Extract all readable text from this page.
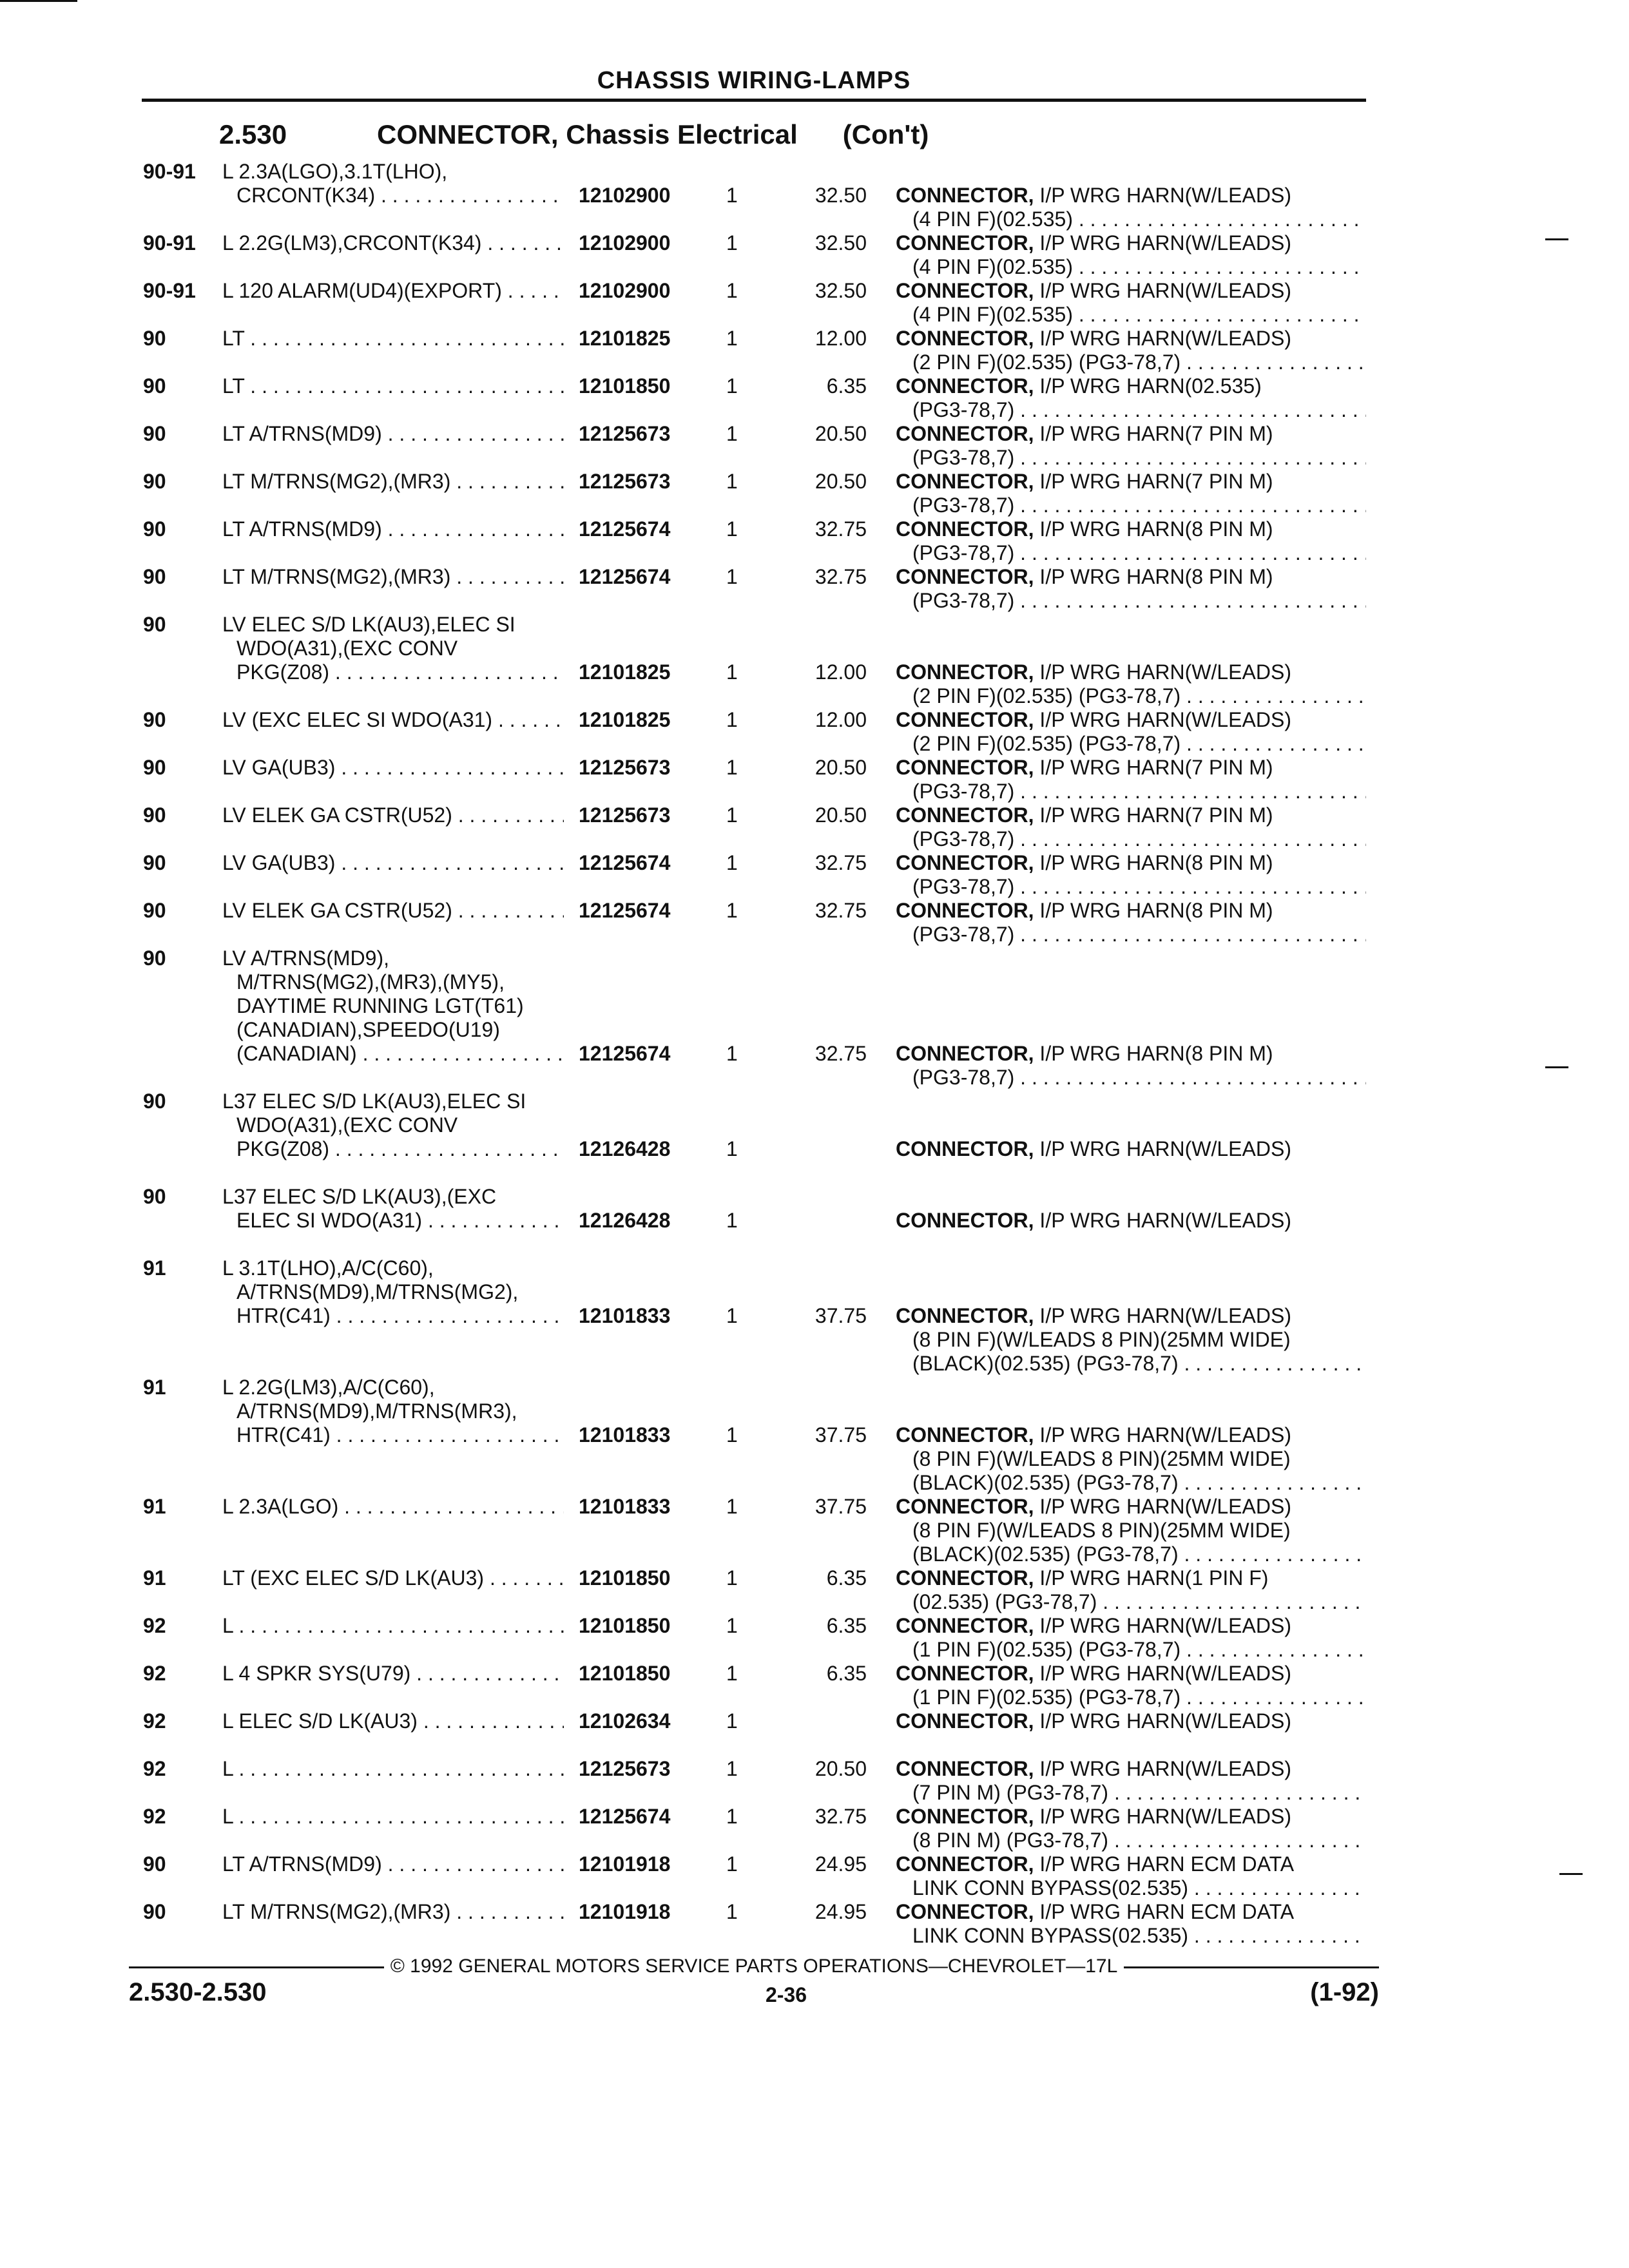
CHASSIS WIRING-LAMPS
2.530	CONNECTOR, Chassis Electrical (Con't)
90-91 L 2.3A(LGO),3.1T(LHO),
CRCONT(K34) . . .	12102900	1	32.50 CONNECTOR, I/P WRG HARN(W/LEADS)
(4 PIN F)(02.535) . . .
90-91 L 2.2G(LM3),CRCONT(K34) . . .	12102900	1	32.50 CONNECTOR, I/P WRG HARN(W/LEADS)
(4 PIN F)(02.535) . . .
90-91 L 120 ALARM(UD4)(EXPORT) . . .	12102900	1	32.50 CONNECTOR, I/P WRG HARN(W/LEADS)
(4 PIN F)(02.535) . . .
90	LT . . .	12101825	1	12.00 CONNECTOR, I/P WRG HARN(W/LEADS)
(2 PIN F)(02.535) (PG3-78,7) . . .
90	LT . . .	12101850	1	6.35 CONNECTOR, I/P WRG HARN(02.535)
(PG3-78,7) . . .
90	LT A/TRNS(MD9) . . .	12125673	1	20.50 CONNECTOR, I/P WRG HARN(7 PIN M)
(PG3-78,7) . . .
90	LT M/TRNS(MG2),(MR3) . . .	12125673	1	20.50 CONNECTOR, I/P WRG HARN(7 PIN M)
(PG3-78,7) . . .
90	LT A/TRNS(MD9) . . .	12125674	1	32.75 CONNECTOR, I/P WRG HARN(8 PIN M)
(PG3-78,7) . . .
90	LT M/TRNS(MG2),(MR3) . . .	12125674	1	32.75 CONNECTOR, I/P WRG HARN(8 PIN M)
(PG3-78,7) . . .
90	LV ELEC S/D LK(AU3),ELEC SI
WDO(A31),(EXC CONV
PKG(Z08) . . .	12101825	1	12.00 CONNECTOR, I/P WRG HARN(W/LEADS)
(2 PIN F)(02.535) (PG3-78,7) . . .
90	LV (EXC ELEC SI WDO(A31) . . .	12101825	1	12.00 CONNECTOR, I/P WRG HARN(W/LEADS)
(2 PIN F)(02.535) (PG3-78,7) . . .
90	LV GA(UB3) . . .	12125673	1	20.50 CONNECTOR, I/P WRG HARN(7 PIN M)
(PG3-78,7) . . .
90	LV ELEK GA CSTR(U52) . . .	12125673	1	20.50 CONNECTOR, I/P WRG HARN(7 PIN M)
(PG3-78,7) . . .
90	LV GA(UB3) . . .	12125674	1	32.75 CONNECTOR, I/P WRG HARN(8 PIN M)
(PG3-78,7) . . .
90	LV ELEK GA CSTR(U52) . . .	12125674	1	32.75 CONNECTOR, I/P WRG HARN(8 PIN M)
(PG3-78,7) . . .
90	LV A/TRNS(MD9),
M/TRNS(MG2),(MR3),(MY5),
DAYTIME RUNNING LGT(T61)
(CANADIAN),SPEEDO(U19)
(CANADIAN) . . .	12125674	1	32.75 CONNECTOR, I/P WRG HARN(8 PIN M)
(PG3-78,7) . . .
90	L37 ELEC S/D LK(AU3),ELEC SI
WDO(A31),(EXC CONV
PKG(Z08) . . .	12126428	1	CONNECTOR, I/P WRG HARN(W/LEADS)
90	L37 ELEC S/D LK(AU3),(EXC
ELEC SI WDO(A31) . . .	12126428	1	CONNECTOR, I/P WRG HARN(W/LEADS)
91	L 3.1T(LHO),A/C(C60),
A/TRNS(MD9),M/TRNS(MG2),
HTR(C41) . . .	12101833	1	37.75 CONNECTOR, I/P WRG HARN(W/LEADS)
(8 PIN F)(W/LEADS 8 PIN)(25MM WIDE)
(BLACK)(02.535) (PG3-78,7) . . .
91	L 2.2G(LM3),A/C(C60),
A/TRNS(MD9),M/TRNS(MR3),
HTR(C41) . . .	12101833	1	37.75 CONNECTOR, I/P WRG HARN(W/LEADS)
(8 PIN F)(W/LEADS 8 PIN)(25MM WIDE)
(BLACK)(02.535) (PG3-78,7) . . .
91	L 2.3A(LGO) . . .	12101833	1	37.75 CONNECTOR, I/P WRG HARN(W/LEADS)
(8 PIN F)(W/LEADS 8 PIN)(25MM WIDE)
(BLACK)(02.535) (PG3-78,7) . . .
91	LT (EXC ELEC S/D LK(AU3) . . .	12101850	1	6.35 CONNECTOR, I/P WRG HARN(1 PIN F)
(02.535) (PG3-78,7) . . .
92	L . . .	12101850	1	6.35 CONNECTOR, I/P WRG HARN(W/LEADS)
(1 PIN F)(02.535) (PG3-78,7) . . .
92	L 4 SPKR SYS(U79) . . .	12101850	1	6.35 CONNECTOR, I/P WRG HARN(W/LEADS)
(1 PIN F)(02.535) (PG3-78,7) . . .
92	L ELEC S/D LK(AU3) . . .	12102634	1	CONNECTOR, I/P WRG HARN(W/LEADS)
92	L . . .	12125673	1	20.50 CONNECTOR, I/P WRG HARN(W/LEADS)
(7 PIN M) (PG3-78,7) . . .
92	L . . .	12125674	1	32.75 CONNECTOR, I/P WRG HARN(W/LEADS)
(8 PIN M) (PG3-78,7) . . .
90	LT A/TRNS(MD9) . . .	12101918	1	24.95 CONNECTOR, I/P WRG HARN ECM DATA
LINK CONN BYPASS(02.535) . . .
90	LT M/TRNS(MG2),(MR3) . . .	12101918	1	24.95 CONNECTOR, I/P WRG HARN ECM DATA
LINK CONN BYPASS(02.535) . . .
© 1992 GENERAL MOTORS SERVICE PARTS OPERATIONS—CHEVROLET—17L
2.530-2.530	2-36	(1-92)
